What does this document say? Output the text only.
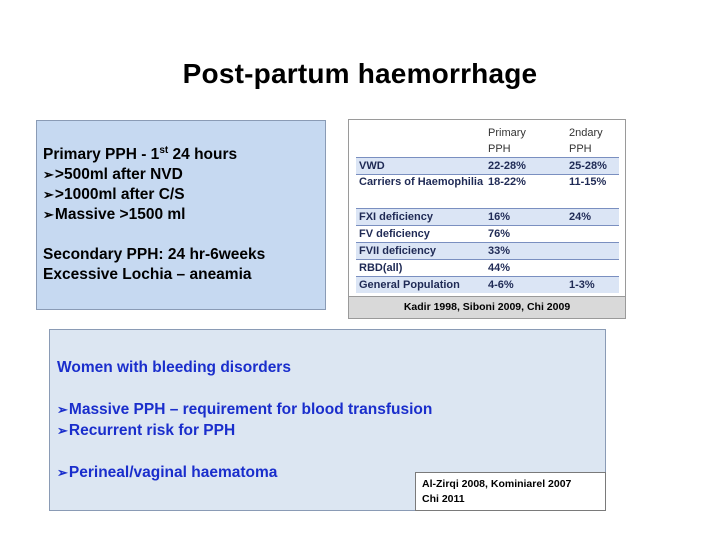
Post-partum haemorrhage
Primary PPH - 1st 24 hours
➢>500ml after NVD
➢>1000ml after C/S
➢Massive >1500 ml
Secondary PPH: 24 hr-6weeks
Excessive Lochia – aneamia
	Primary	2ndary
	PPH	PPH
VWD	22-28%	25-28%
Carriers of Haemophilia	18-22%	11-15%
FXI deficiency	16%	24%
FV deficiency	76%	
FVII deficiency	33%	
RBD(all)	44%	
General Population	4-6%	1-3%
Kadir 1998, Siboni 2009, Chi 2009
Women with bleeding disorders
➢Massive PPH – requirement for blood transfusion
➢Recurrent risk for PPH
➢Perineal/vaginal haematoma
Al-Zirqi 2008, Kominiarel 2007
Chi 2011
